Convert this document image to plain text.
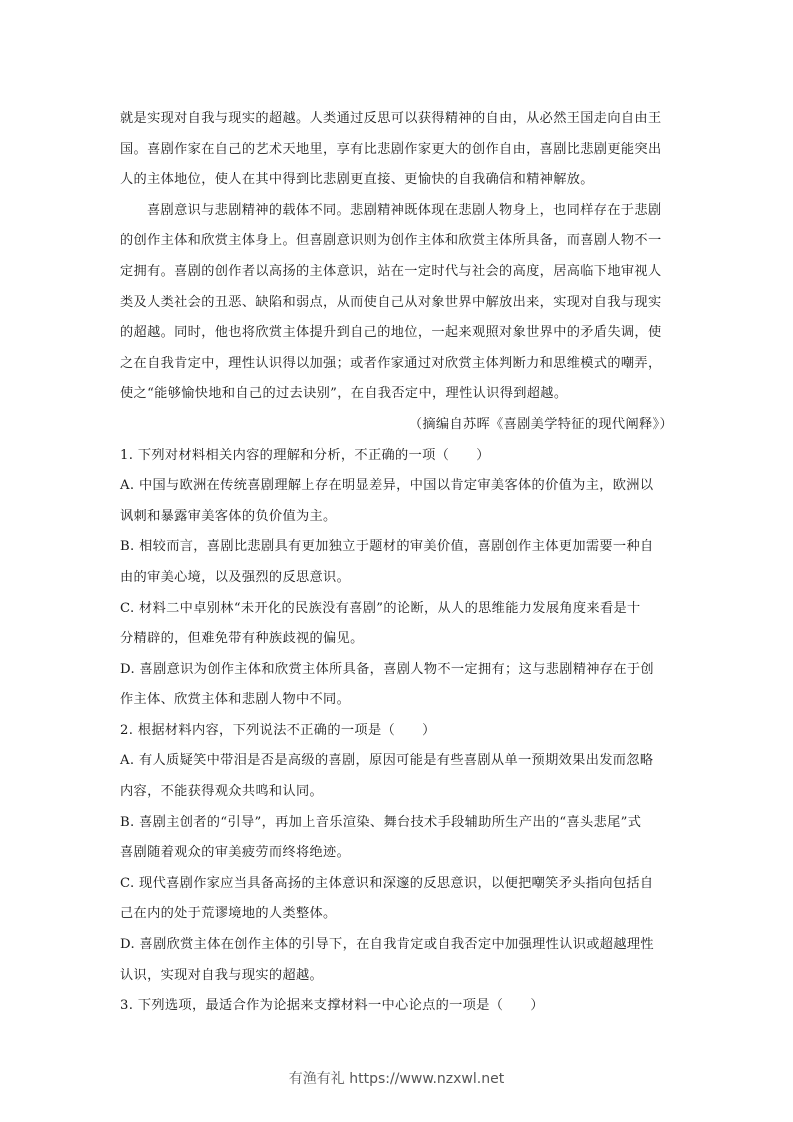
就是实现对自我与现实的超越。人类通过反思可以获得精神的自由，从必然王国走向自由王
国。喜剧作家在自己的艺术天地里，享有比悲剧作家更大的创作自由，喜剧比悲剧更能突出
人的主体地位，使人在其中得到比悲剧更直接、更愉快的自我确信和精神解放。
喜剧意识与悲剧精神的载体不同。悲剧精神既体现在悲剧人物身上，也同样存在于悲剧
的创作主体和欣赏主体身上。但喜剧意识则为创作主体和欣赏主体所具备，而喜剧人物不一
定拥有。喜剧的创作者以高扬的主体意识，站在一定时代与社会的高度，居高临下地审视人
类及人类社会的丑恶、缺陷和弱点，从而使自己从对象世界中解放出来，实现对自我与现实
的超越。同时，他也将欣赏主体提升到自己的地位，一起来观照对象世界中的矛盾失调，使
之在自我肯定中，理性认识得以加强；或者作家通过对欣赏主体判断力和思维模式的嘲弄，
使之“能够愉快地和自己的过去诀别”，在自我否定中，理性认识得到超越。
（摘编自苏晖《喜剧美学特征的现代阐释》）
1. 下列对材料相关内容的理解和分析，不正确的一项（　　）
A. 中国与欧洲在传统喜剧理解上存在明显差异，中国以肯定审美客体的价值为主，欧洲以
讽刺和暴露审美客体的负价值为主。
B. 相较而言，喜剧比悲剧具有更加独立于题材的审美价值，喜剧创作主体更加需要一种自
由的审美心境，以及强烈的反思意识。
C. 材料二中卓别林“未开化的民族没有喜剧”的论断，从人的思维能力发展角度来看是十
分精辟的，但难免带有种族歧视的偏见。
D. 喜剧意识为创作主体和欣赏主体所具备，喜剧人物不一定拥有；这与悲剧精神存在于创
作主体、欣赏主体和悲剧人物中不同。
2. 根据材料内容，下列说法不正确的一项是（　　）
A. 有人质疑笑中带泪是否是高级的喜剧，原因可能是有些喜剧从单一预期效果出发而忽略
内容，不能获得观众共鸣和认同。
B. 喜剧主创者的“引导”，再加上音乐渲染、舞台技术手段辅助所生产出的“喜头悲尾”式
喜剧随着观众的审美疲劳而终将绝迹。
C. 现代喜剧作家应当具备高扬的主体意识和深邃的反思意识，以便把嘲笑矛头指向包括自
己在内的处于荒谬境地的人类整体。
D. 喜剧欣赏主体在创作主体的引导下，在自我肯定或自我否定中加强理性认识或超越理性
认识，实现对自我与现实的超越。
3. 下列选项，最适合作为论据来支撑材料一中心论点的一项是（　　）
有渔有礼 https://www.nzxwl.net
